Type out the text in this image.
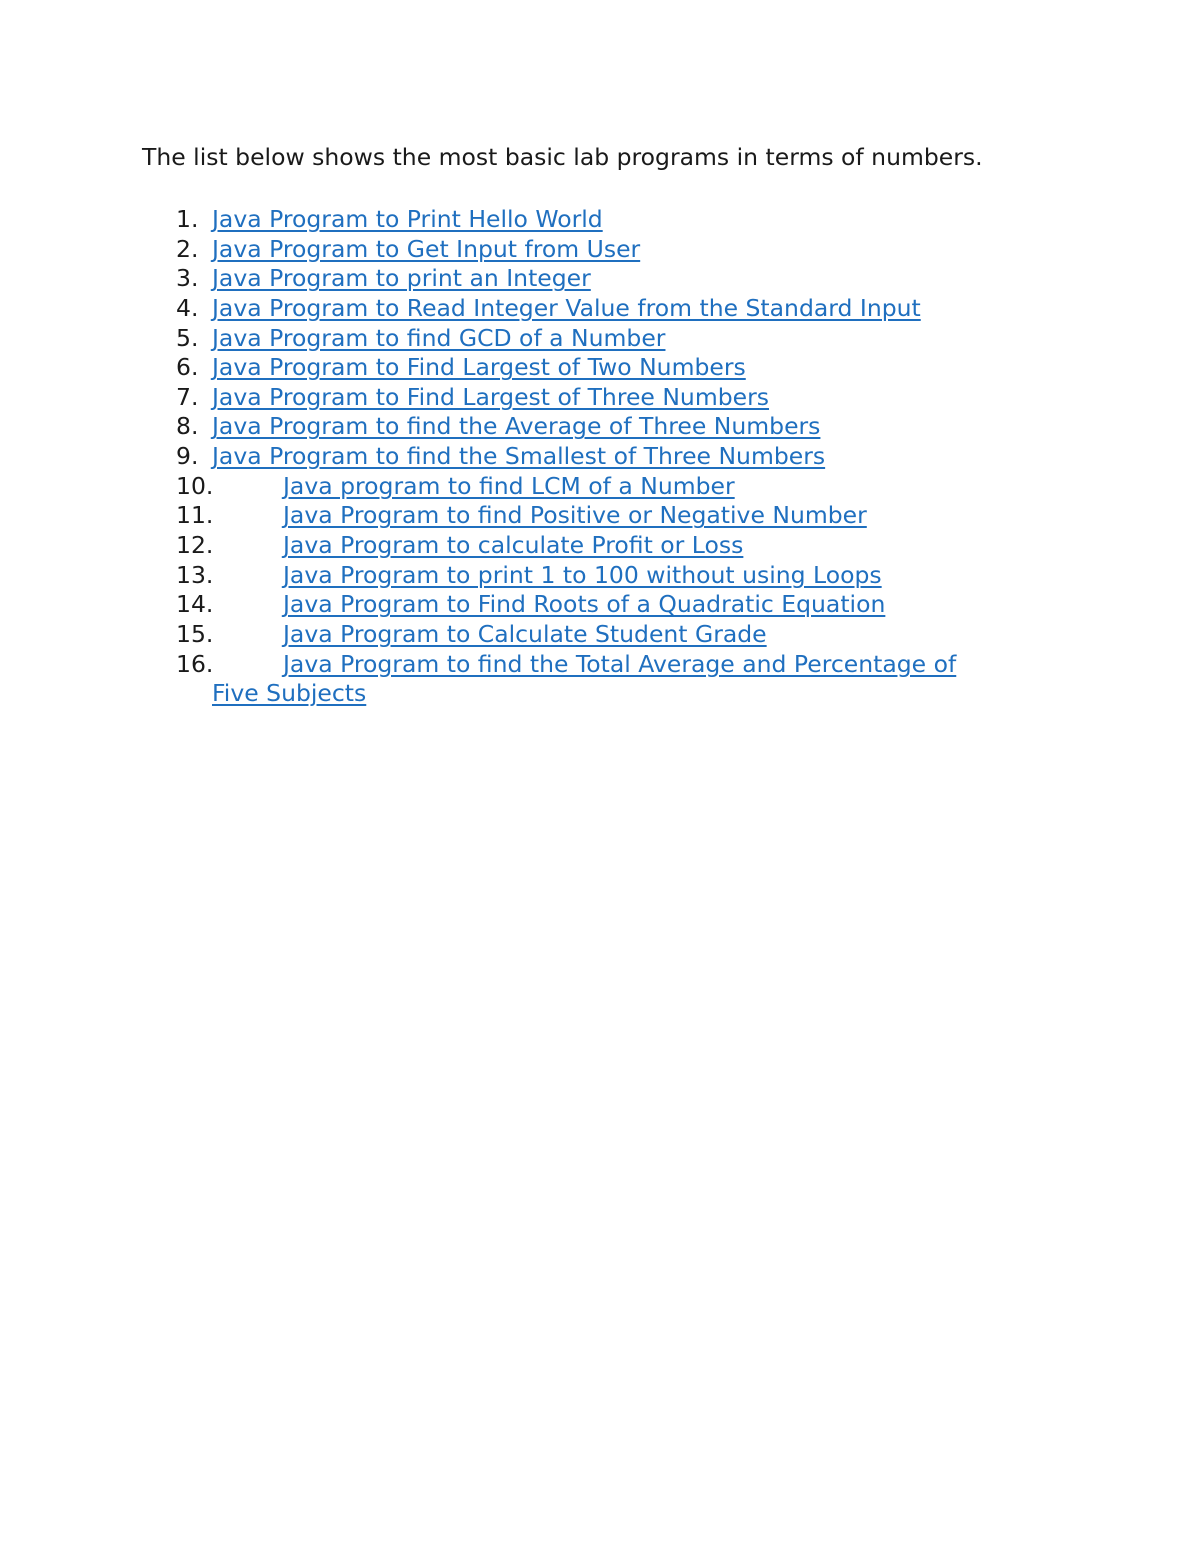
The list below shows the most basic lab programs in terms of numbers.

1. Java Program to Print Hello World
2. Java Program to Get Input from User
3. Java Program to print an Integer
4. Java Program to Read Integer Value from the Standard Input
5. Java Program to find GCD of a Number
6. Java Program to Find Largest of Two Numbers
7. Java Program to Find Largest of Three Numbers
8. Java Program to find the Average of Three Numbers
9. Java Program to find the Smallest of Three Numbers
10.	Java program to find LCM of a Number
11.	Java Program to find Positive or Negative Number
12.	Java Program to calculate Profit or Loss
13.	Java Program to print 1 to 100 without using Loops
14.	Java Program to Find Roots of a Quadratic Equation
15.	Java Program to Calculate Student Grade
16.	Java Program to find the Total Average and Percentage of
Five Subjects
